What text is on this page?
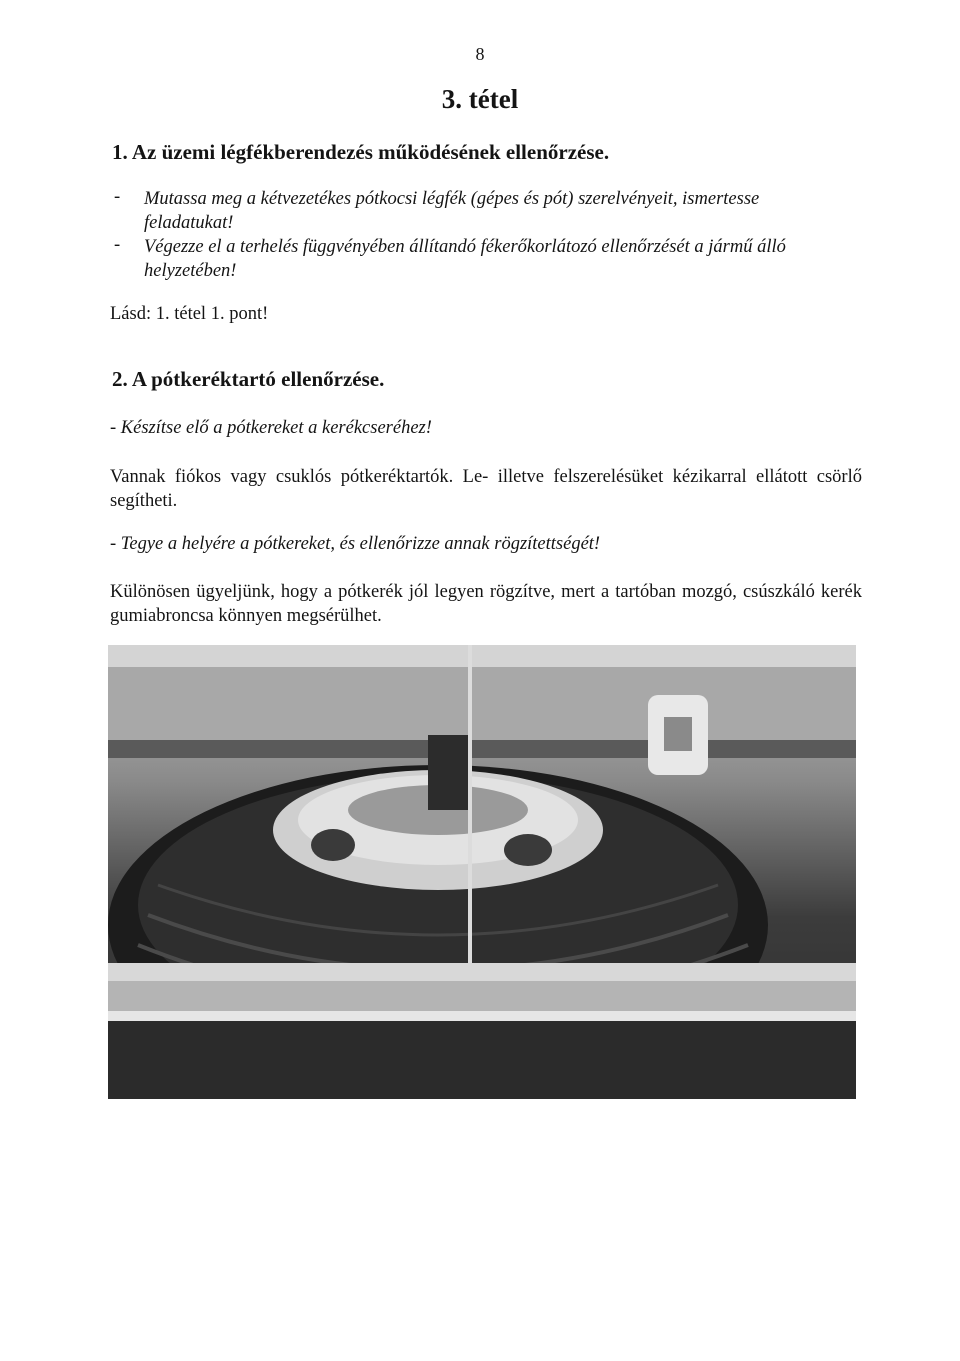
8
3. tétel
1. Az üzemi légfékberendezés működésének ellenőrzése.
- Mutassa meg a kétvezetékes pótkocsi légfék (gépes és pót) szerelvényeit, ismertesse
feladatukat!
- Végezze el a terhelés függvényében állítandó fékerőkorlátozó ellenőrzését a jármű álló
helyzetében!
Lásd: 1. tétel 1. pont!
2. A pótkeréktartó ellenőrzése.
- Készítse elő a pótkereket a kerékcseréhez!
Vannak fiókos vagy csuklós pótkeréktartók. Le- illetve felszerelésüket kézikarral ellátott csörlő segítheti.
- Tegye a helyére a pótkereket, és ellenőrizze annak rögzítettségét!
Különösen ügyeljünk, hogy a pótkerék jól legyen rögzítve, mert a tartóban mozgó, csúszkáló kerék gumiabroncsa könnyen megsérülhet.
